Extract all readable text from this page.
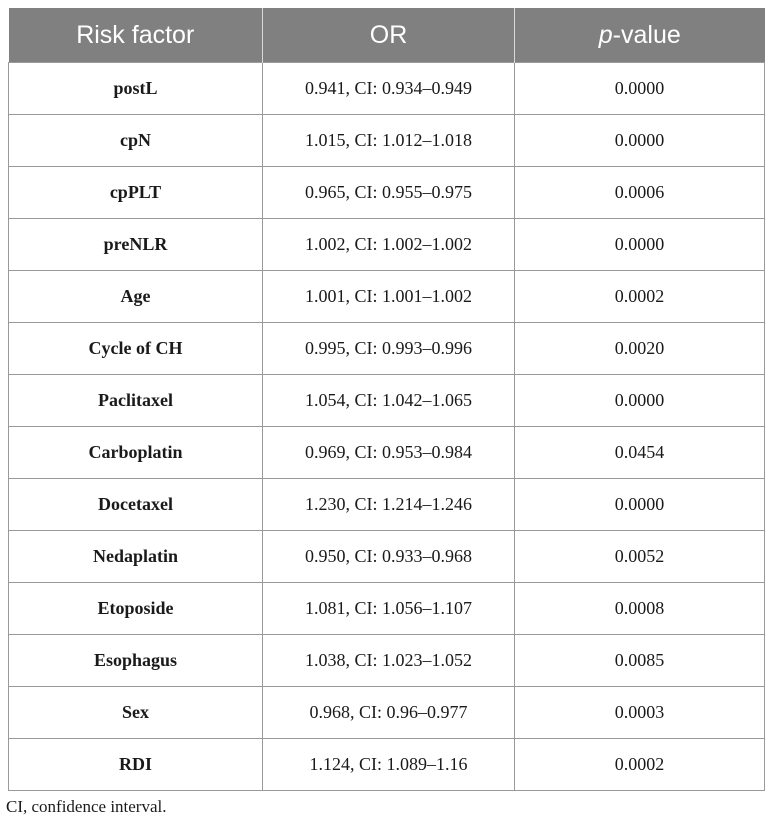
Risk factor	OR	p-value
postL	0.941, CI: 0.934–0.949	0.0000
cpN	1.015, CI: 1.012–1.018	0.0000
cpPLT	0.965, CI: 0.955–0.975	0.0006
preNLR	1.002, CI: 1.002–1.002	0.0000
Age	1.001, CI: 1.001–1.002	0.0002
Cycle of CH	0.995, CI: 0.993–0.996	0.0020
Paclitaxel	1.054, CI: 1.042–1.065	0.0000
Carboplatin	0.969, CI: 0.953–0.984	0.0454
Docetaxel	1.230, CI: 1.214–1.246	0.0000
Nedaplatin	0.950, CI: 0.933–0.968	0.0052
Etoposide	1.081, CI: 1.056–1.107	0.0008
Esophagus	1.038, CI: 1.023–1.052	0.0085
Sex	0.968, CI: 0.96–0.977	0.0003
RDI	1.124, CI: 1.089–1.16	0.0002
CI, confidence interval.
